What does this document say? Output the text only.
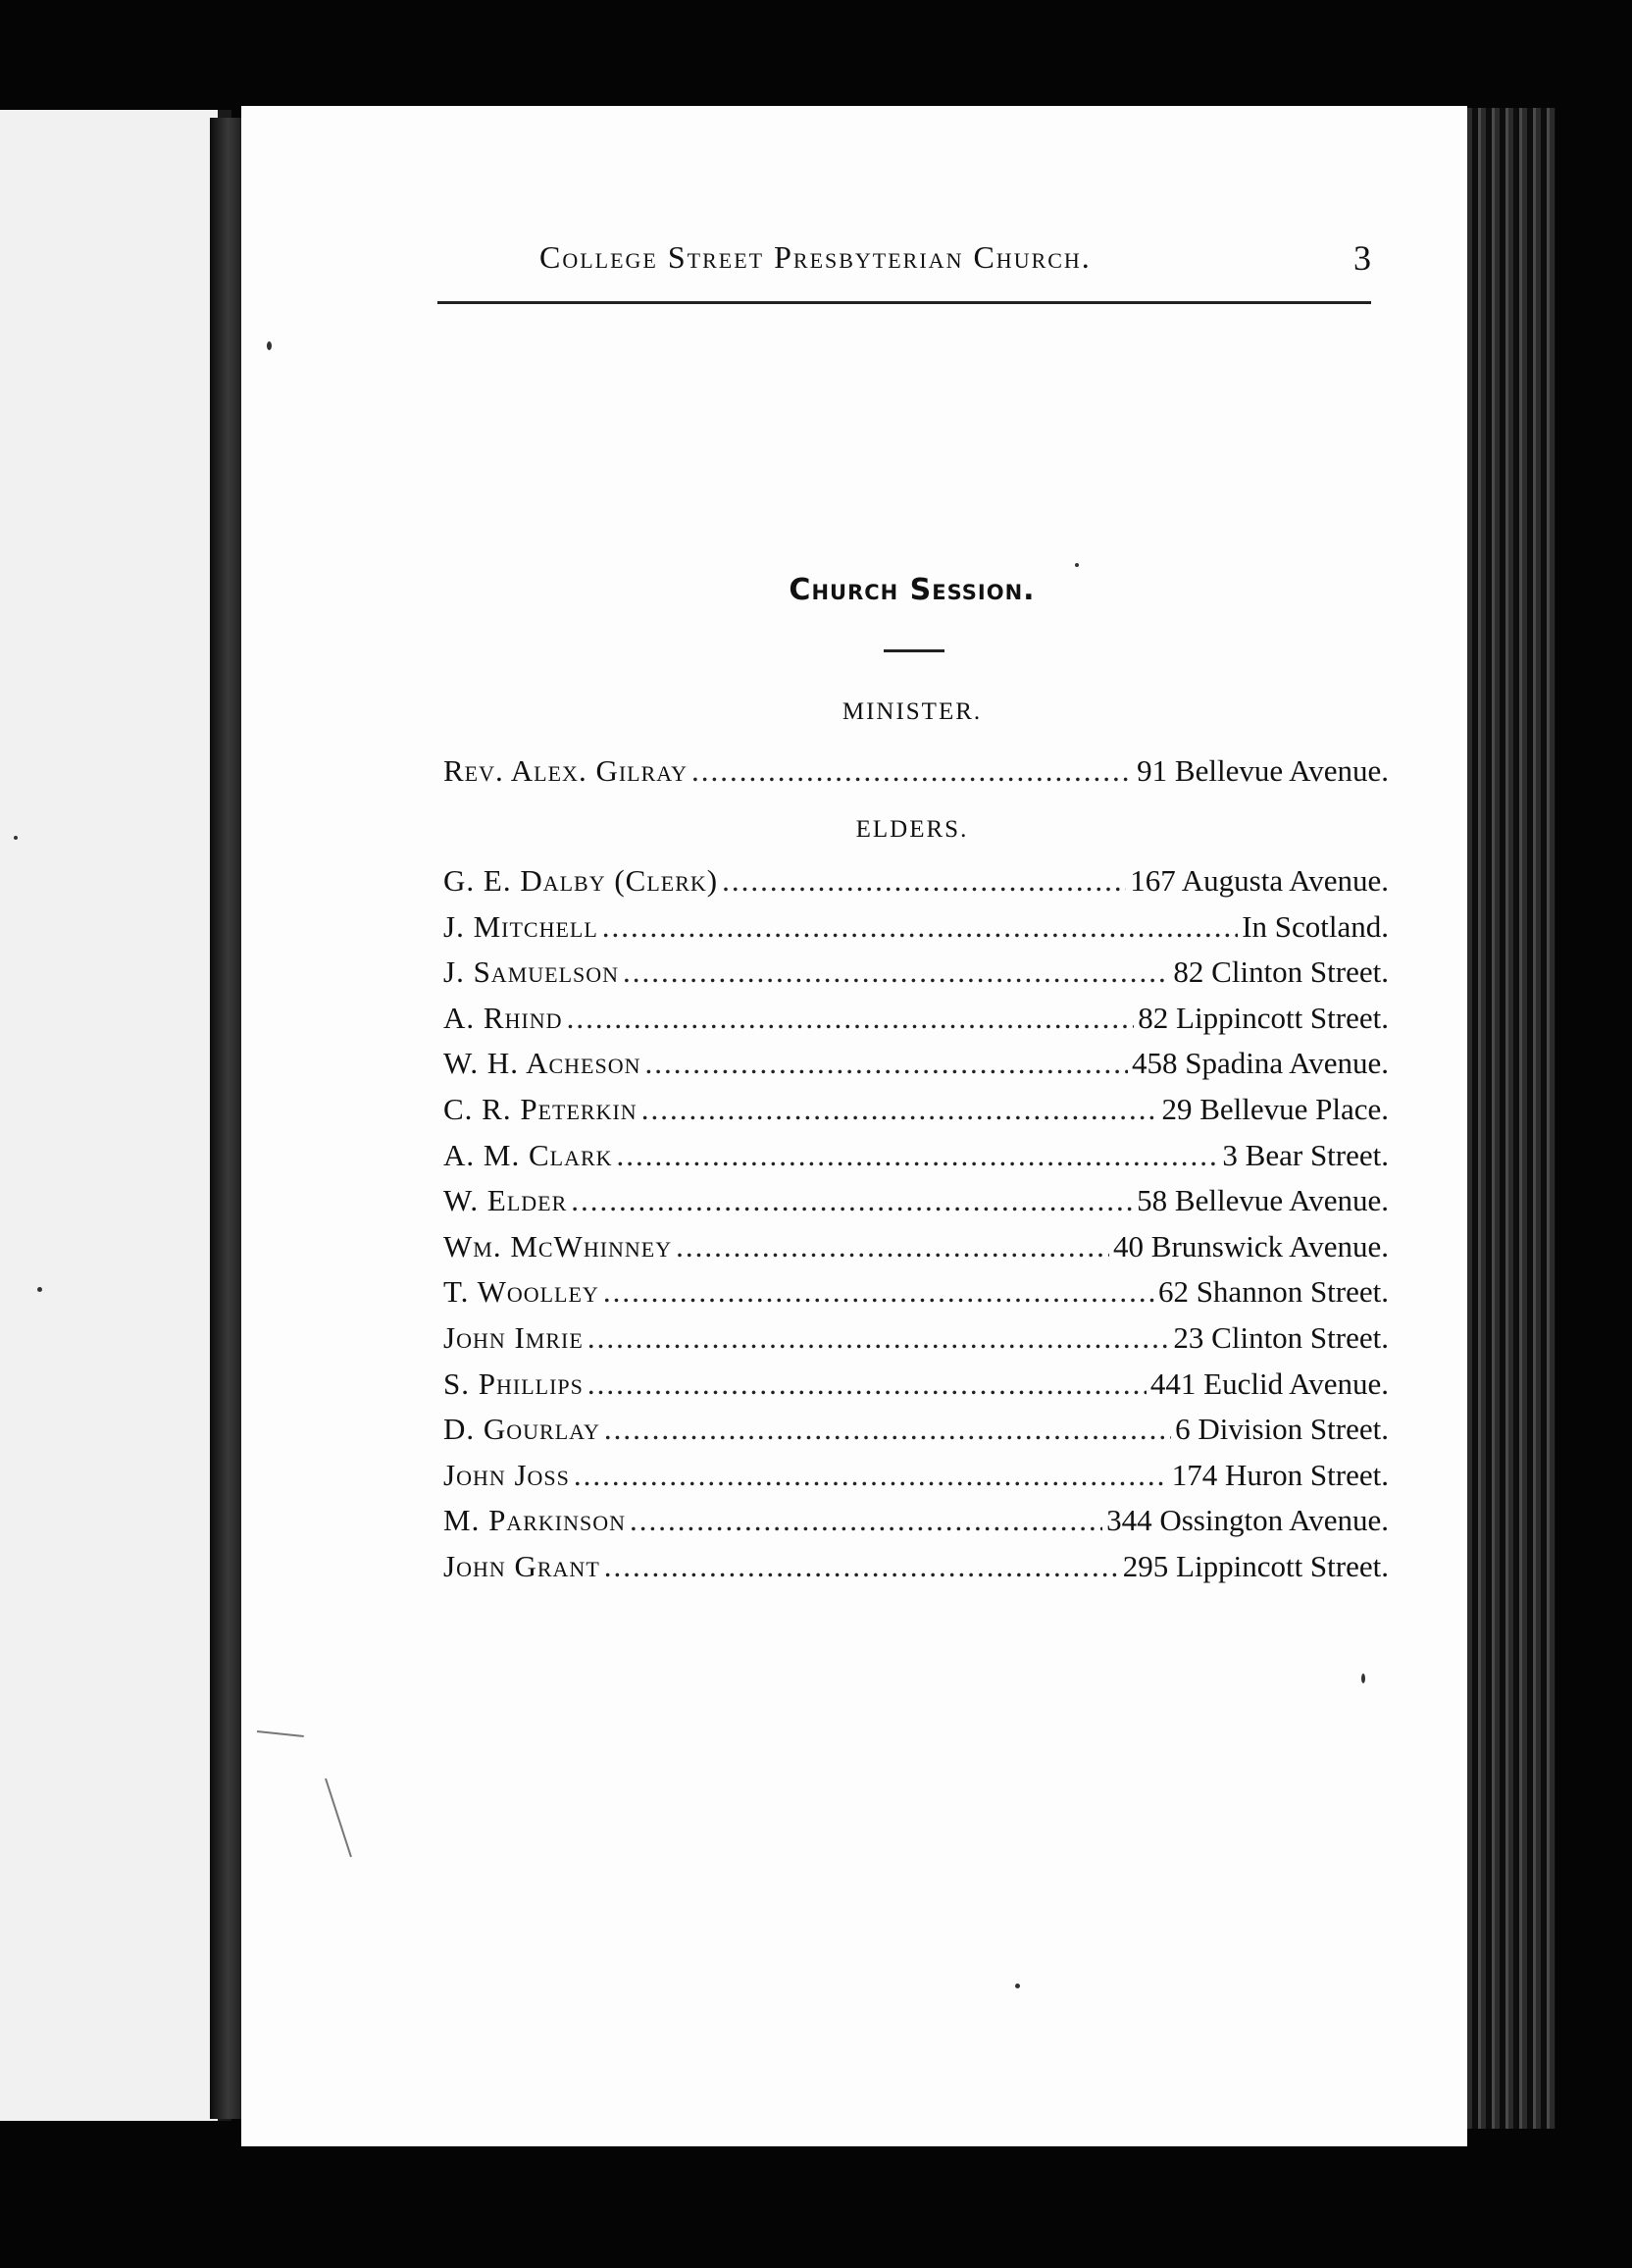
College Street Presbyterian Church.	3
Church Session.
MINISTER.
Rev. Alex. Gilray .....	91 Bellevue Avenue.
ELDERS.
G. E. Dalby (Clerk) .....	167 Augusta Avenue.
J. Mitchell .....	In Scotland.
J. Samuelson .....	82 Clinton Street.
A. Rhind .....	82 Lippincott Street.
W. H. Acheson .....	458 Spadina Avenue.
C. R. Peterkin .....	29 Bellevue Place.
A. M. Clark .....	3 Bear Street.
W. Elder .....	58 Bellevue Avenue.
Wm. McWhinney .....	40 Brunswick Avenue.
T. Woolley .....	62 Shannon Street.
John Imrie .....	23 Clinton Street.
S. Phillips .....	441 Euclid Avenue.
D. Gourlay .....	6 Division Street.
John Joss .....	174 Huron Street.
M. Parkinson .....	344 Ossington Avenue.
John Grant .....	295 Lippincott Street.
